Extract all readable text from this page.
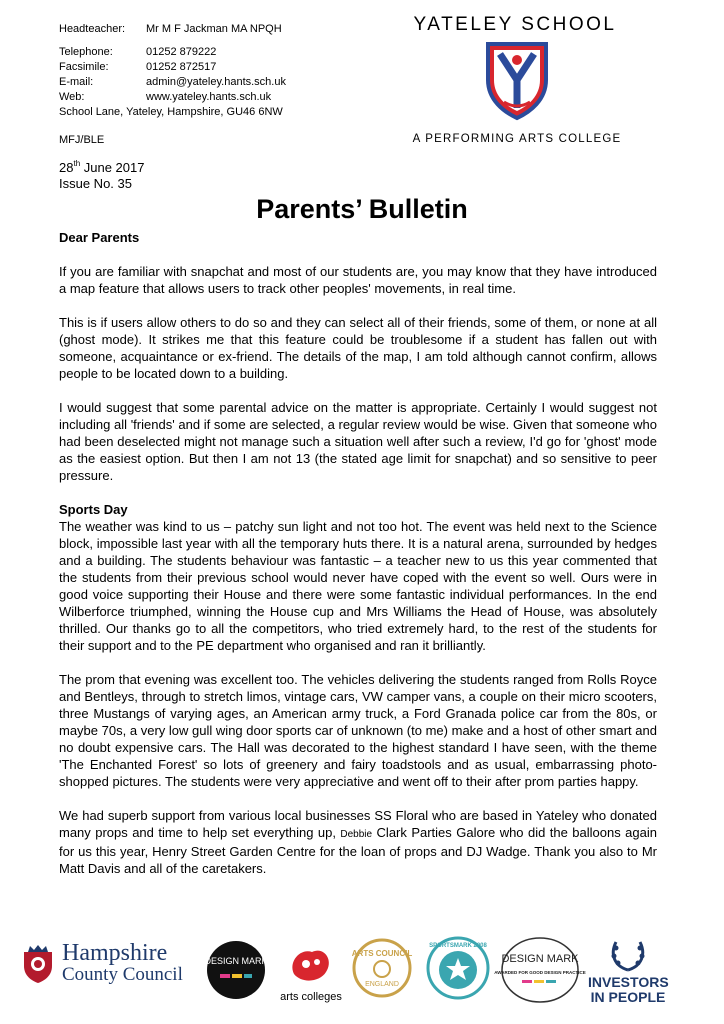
Headteacher:	Mr M F Jackman MA NPQH
Telephone:	01252 879222
Facsimile:	01252 872517
E-mail:	admin@yateley.hants.sch.uk
Web:	www.yateley.hants.sch.uk
School Lane, Yateley, Hampshire, GU46 6NW
YATELEY SCHOOL
A PERFORMING ARTS COLLEGE
MFJ/BLE
28th June 2017
Issue No. 35
Parents’ Bulletin

Dear Parents

If you are familiar with snapchat and most of our students are, you may know that they have introduced a map feature that allows users to track other peoples' movements, in real time.

This is if users allow others to do so and they can select all of their friends, some of them, or none at all (ghost mode). It strikes me that this feature could be troublesome if a student has fallen out with someone, acquaintance or ex-friend. The details of the map, I am told although cannot confirm, allows people to be located down to a building.

I would suggest that some parental advice on the matter is appropriate. Certainly I would suggest not including all 'friends' and if some are selected, a regular review would be wise. Given that someone who had been deselected might not manage such a situation well after such a review, I'd go for 'ghost' mode as the easiest option. But then I am not 13 (the stated age limit for snapchat) and so sensitive to peer pressure.

Sports Day

The weather was kind to us – patchy sun light and not too hot. The event was held next to the Science block, impossible last year with all the temporary huts there. It is a natural arena, surrounded by hedges and a building. The students behaviour was fantastic – a teacher new to us this year commented that the students from their previous school would never have coped with the event so well. Ours were in good voice supporting their House and there were some fantastic individual performances. In the end Wilberforce triumphed, winning the House cup and Mrs Williams the Head of House, was absolutely thrilled. Our thanks go to all the competitors, who tried extremely hard, to the rest of the students for their support and to the PE department who organised and ran it brilliantly.

The prom that evening was excellent too. The vehicles delivering the students ranged from Rolls Royce and Bentleys, through to stretch limos, vintage cars, VW camper vans, a couple on their micro scooters, three Mustangs of varying ages, an American army truck, a Ford Granada police car from the 80s, or maybe 70s, a very low gull wing door sports car of unknown (to me) make and a host of other smart and no doubt expensive cars. The Hall was decorated to the highest standard I have seen, with the theme 'The Enchanted Forest' so lots of greenery and fairy toadstools and as usual, embarrassing photo-shopped pictures. The students were very appreciative and went off to their after prom parties happy.

We had superb support from various local businesses SS Floral who are based in Yateley who donated many props and time to help set everything up, Debbie Clark Parties Galore who did the balloons again for us this year, Henry Street Garden Centre for the loan of props and DJ Wadge. Thank you also to Mr Matt Davis and all of the caretakers.

Hampshire
County Council
DESIGN MARK
arts colleges
ARTS COUNCIL
ENGLAND
SPORTSMARK 2008
DESIGN MARK
AWARDED FOR GOOD DESIGN PRACTICE
INVESTORS
IN PEOPLE
